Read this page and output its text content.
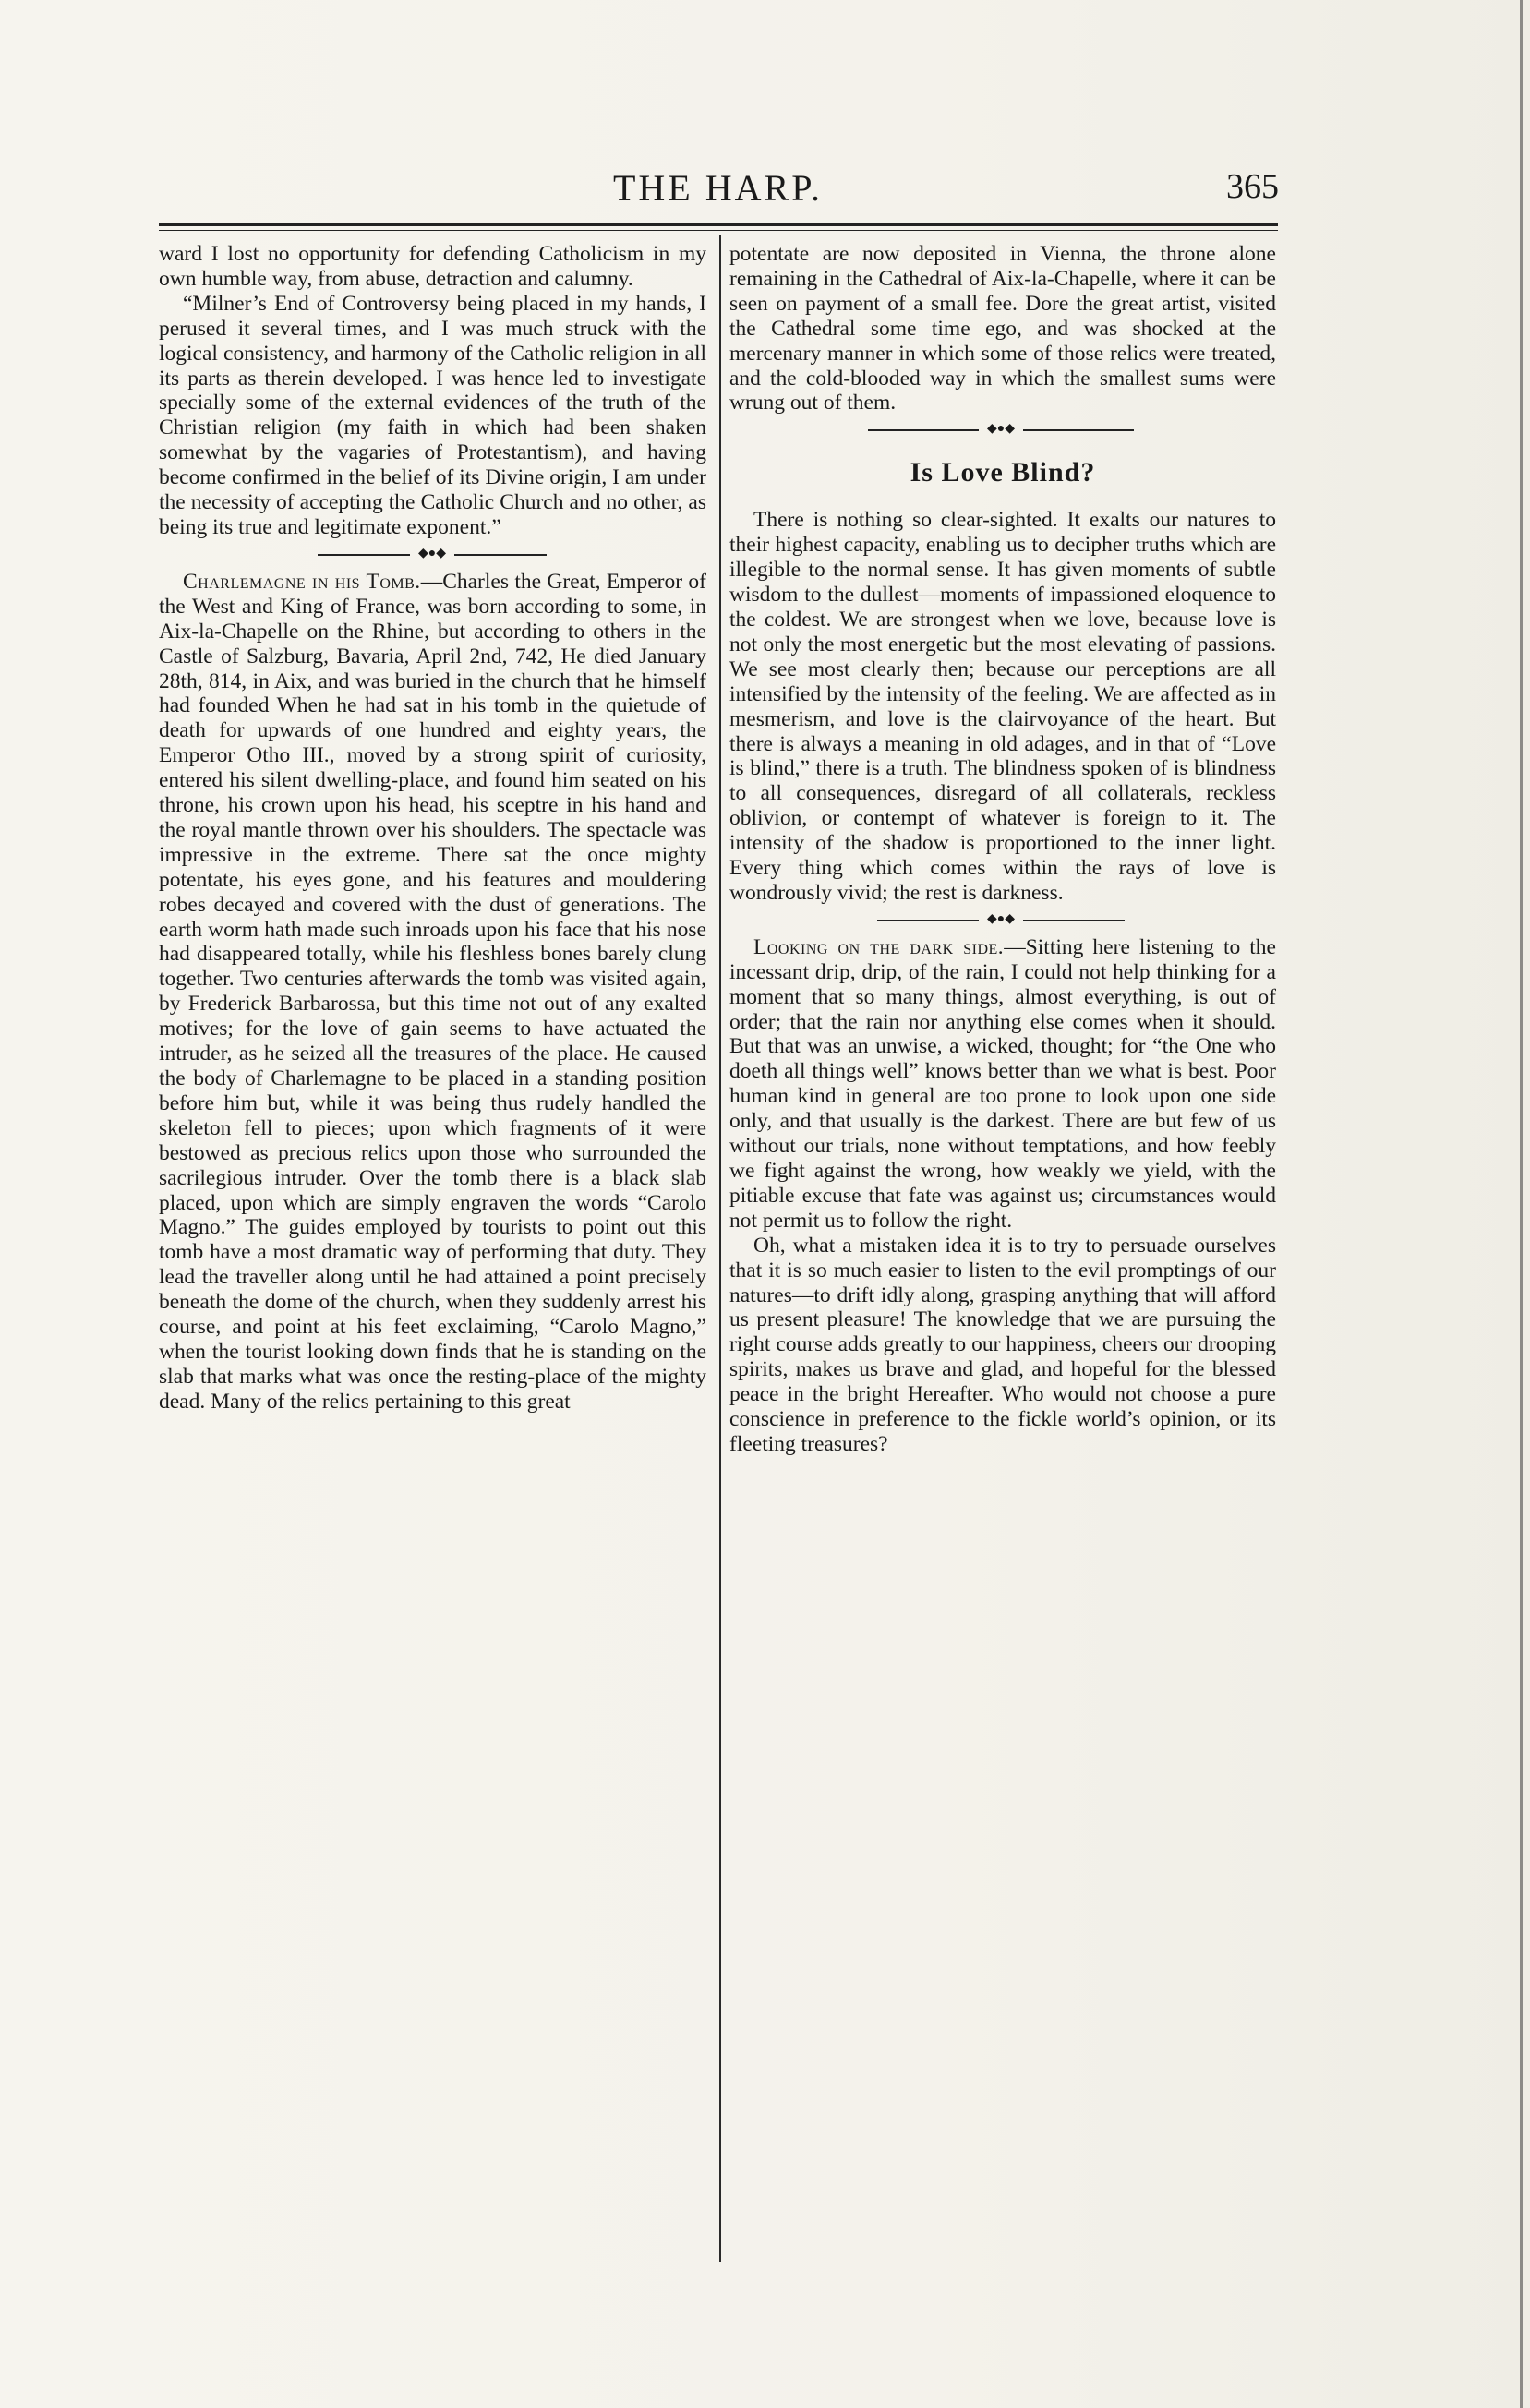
THE HARP.	365

ward I lost no opportunity for defending Catholicism in my own humble way, from abuse, detraction and calumny.

“Milner’s End of Controversy being placed in my hands, I perused it several times, and I was much struck with the logical consistency, and harmony of the Catholic religion in all its parts as therein developed. I was hence led to investigate specially some of the external evidences of the truth of the Christian religion (my faith in which had been shaken somewhat by the vagaries of Protestantism), and having become confirmed in the belief of its Divine origin, I am under the necessity of accepting the Catholic Church and no other, as being its true and legitimate exponent.”

◆●◆

Charlemagne in his Tomb.—Charles the Great, Emperor of the West and King of France, was born according to some, in Aix-la-Chapelle on the Rhine, but according to others in the Castle of Salzburg, Bavaria, April 2nd, 742, He died January 28th, 814, in Aix, and was buried in the church that he himself had founded When he had sat in his tomb in the quietude of death for upwards of one hundred and eighty years, the Emperor Otho III., moved by a strong spirit of curiosity, entered his silent dwelling-place, and found him seated on his throne, his crown upon his head, his sceptre in his hand and the royal mantle thrown over his shoulders. The spectacle was impressive in the extreme. There sat the once mighty potentate, his eyes gone, and his features and mouldering robes decayed and covered with the dust of generations. The earth worm hath made such inroads upon his face that his nose had disappeared totally, while his fleshless bones barely clung together. Two centuries afterwards the tomb was visited again, by Frederick Barbarossa, but this time not out of any exalted motives; for the love of gain seems to have actuated the intruder, as he seized all the treasures of the place. He caused the body of Charlemagne to be placed in a standing position before him but, while it was being thus rudely handled the skeleton fell to pieces; upon which fragments of it were bestowed as precious relics upon those who surrounded the sacrilegious intruder. Over the tomb there is a black slab placed, upon which are simply engraven the words “Carolo Magno.” The guides employed by tourists to point out this tomb have a most dramatic way of performing that duty. They lead the traveller along until he had attained a point precisely beneath the dome of the church, when they suddenly arrest his course, and point at his feet exclaiming, “Carolo Magno,” when the tourist looking down finds that he is standing on the slab that marks what was once the resting-place of the mighty dead. Many of the relics pertaining to this great

potentate are now deposited in Vienna, the throne alone remaining in the Cathedral of Aix-la-Chapelle, where it can be seen on payment of a small fee. Dore the great artist, visited the Cathedral some time ego, and was shocked at the mercenary manner in which some of those relics were treated, and the cold-blooded way in which the smallest sums were wrung out of them.

◆●◆
Is Love Blind?

There is nothing so clear-sighted. It exalts our natures to their highest capacity, enabling us to decipher truths which are illegible to the normal sense. It has given moments of subtle wisdom to the dullest—moments of impassioned eloquence to the coldest. We are strongest when we love, because love is not only the most energetic but the most elevating of passions. We see most clearly then; because our perceptions are all intensified by the intensity of the feeling. We are affected as in mesmerism, and love is the clairvoyance of the heart. But there is always a meaning in old adages, and in that of “Love is blind,” there is a truth. The blindness spoken of is blindness to all consequences, disregard of all collaterals, reckless oblivion, or contempt of whatever is foreign to it. The intensity of the shadow is proportioned to the inner light. Every thing which comes within the rays of love is wondrously vivid; the rest is darkness.

◆●◆

Looking on the dark side.—Sitting here listening to the incessant drip, drip, of the rain, I could not help thinking for a moment that so many things, almost everything, is out of order; that the rain nor anything else comes when it should. But that was an unwise, a wicked, thought; for “the One who doeth all things well” knows better than we what is best. Poor human kind in general are too prone to look upon one side only, and that usually is the darkest. There are but few of us without our trials, none without temptations, and how feebly we fight against the wrong, how weakly we yield, with the pitiable excuse that fate was against us; circumstances would not permit us to follow the right.

Oh, what a mistaken idea it is to try to persuade ourselves that it is so much easier to listen to the evil promptings of our natures—to drift idly along, grasping anything that will afford us present pleasure! The knowledge that we are pursuing the right course adds greatly to our happiness, cheers our drooping spirits, makes us brave and glad, and hopeful for the blessed peace in the bright Hereafter. Who would not choose a pure conscience in preference to the fickle world’s opinion, or its fleeting treasures?
